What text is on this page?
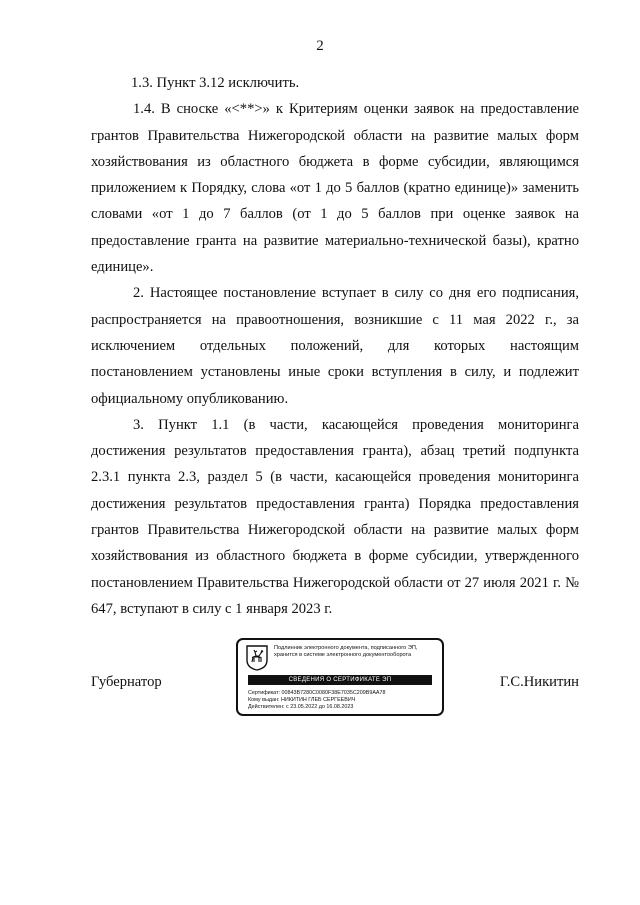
2

1.3. Пункт 3.12 исключить.

1.4. В сноске «<**>» к Критериям оценки заявок на предоставление грантов Правительства Нижегородской области на развитие малых форм хозяйствования из областного бюджета в форме субсидии, являющимся приложением к Порядку, слова «от 1 до 5 баллов (кратно единице)» заменить словами «от 1 до 7 баллов (от 1 до 5 баллов при оценке заявок на предоставление гранта на развитие материально-технической базы), кратно единице».

2. Настоящее постановление вступает в силу со дня его подписания, распространяется на правоотношения, возникшие с 11 мая 2022 г., за исключением отдельных положений, для которых настоящим постановлением установлены иные сроки вступления в силу, и подлежит официальному опубликованию.

3. Пункт 1.1 (в части, касающейся проведения мониторинга достижения результатов предоставления гранта), абзац третий подпункта 2.3.1 пункта 2.3, раздел 5 (в части, касающейся проведения мониторинга достижения результатов предоставления гранта) Порядка предоставления грантов Правительства Нижегородской области на развитие малых форм хозяйствования из областного бюджета в форме субсидии, утвержденного постановлением Правительства Нижегородской области от 27 июля 2021 г. № 647, вступают в силу с 1 января 2023 г.

Губернатор
Подлинник электронного документа, подписанного ЭП,
хранится в системе электронного документооборота
СВЕДЕНИЯ О СЕРТИФИКАТЕ ЭП
Сертификат: 00843B7280C0080F38E7035C209B9AA78
Кому выдан: НИКИТИН ГЛЕБ СЕРГЕЕВИЧ
Действителен: с 23.05.2022 до 16.08.2023
Г.С.Никитин
